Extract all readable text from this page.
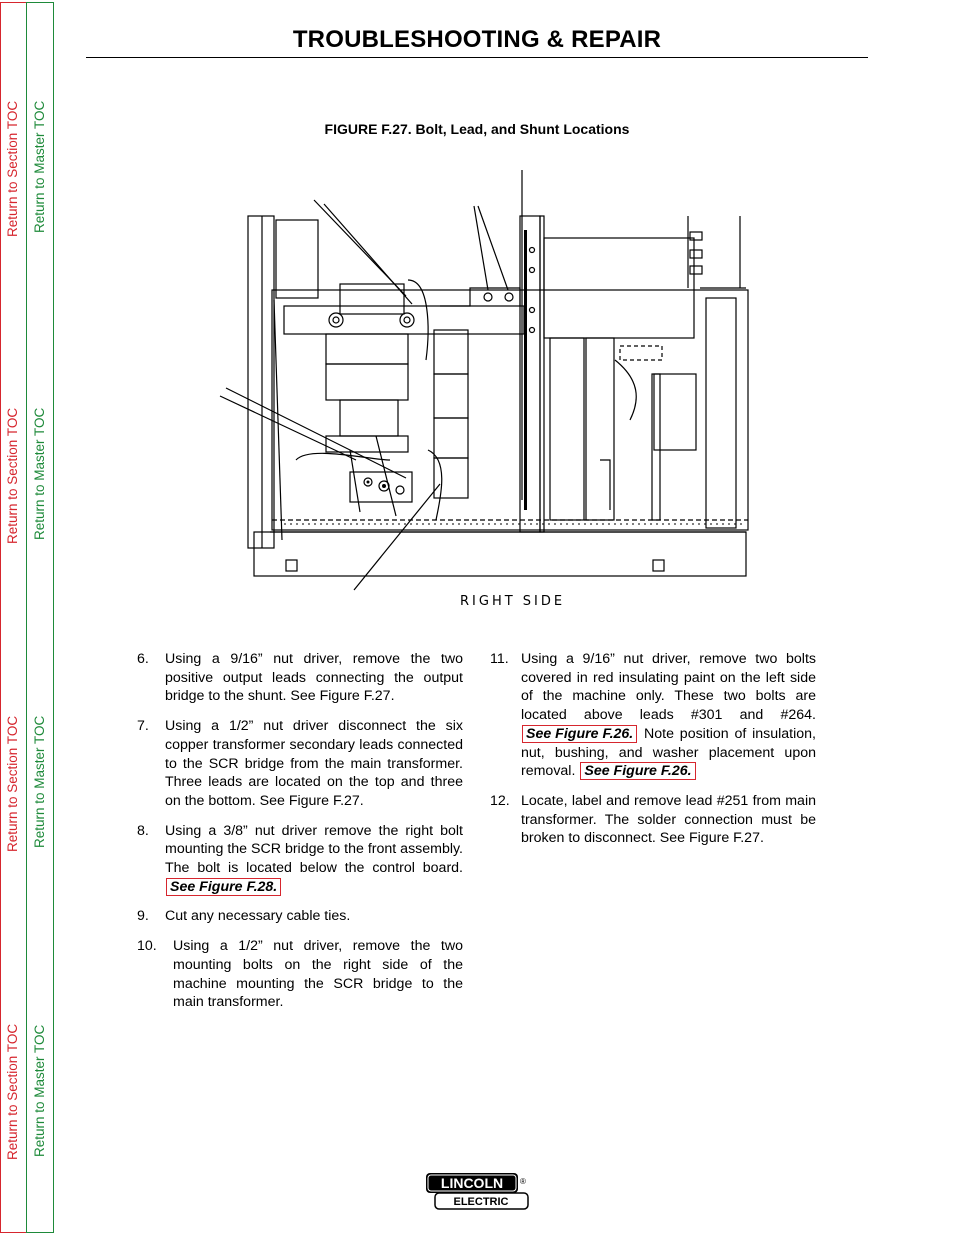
Return to Section TOC Return to Master TOC
Return to Section TOC Return to Master TOC
Return to Section TOC Return to Master TOC
Return to Section TOC Return to Master TOC
TROUBLESHOOTING & REPAIR
FIGURE F.27. Bolt, Lead, and Shunt Locations
RIGHT SIDE
6. Using a 9/16” nut driver, remove the two positive output leads connecting the output bridge to the shunt. See Figure F.27.
7. Using a 1/2” nut driver disconnect the six copper transformer secondary leads connected to the SCR bridge from the main transformer. Three leads are located on the top and three on the bottom. See Figure F.27.
8. Using a 3/8” nut driver remove the right bolt mounting the SCR bridge to the front assembly. The bolt is located below the control board. See Figure F.28.
9. Cut any necessary cable ties.
10. Using a 1/2” nut driver, remove the two mounting bolts on the right side of the machine mounting the SCR bridge to the main transformer.
11. Using a 9/16” nut driver, remove two bolts covered in red insulating paint on the left side of the machine only. These two bolts are located above leads #301 and #264. See Figure F.26. Note position of insulation, nut, bushing, and washer placement upon removal. See Figure F.26.
12. Locate, label and remove lead #251 from main transformer. The solder connection must be broken to disconnect. See Figure F.27.
LINCOLN ®
ELECTRIC
